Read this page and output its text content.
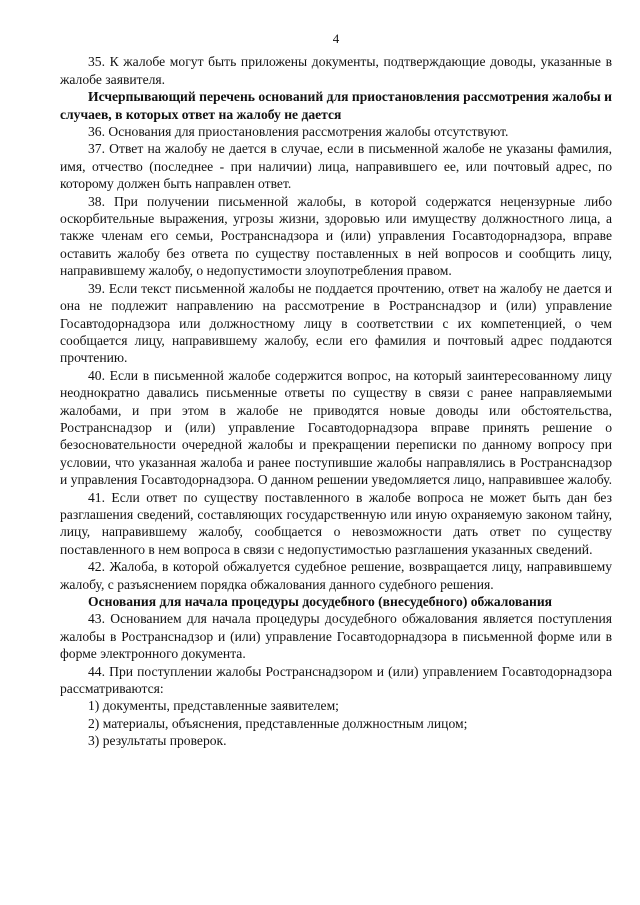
4

35. К жалобе могут быть приложены документы, подтверждающие доводы, указанные в жалобе заявителя.

Исчерпывающий перечень оснований для приостановления рассмотрения жалобы и случаев, в которых ответ на жалобу не дается

36. Основания для приостановления рассмотрения жалобы отсутствуют.

37. Ответ на жалобу не дается в случае, если в письменной жалобе не указаны фамилия, имя, отчество (последнее - при наличии) лица, направившего ее, или почтовый адрес, по которому должен быть направлен ответ.

38. При получении письменной жалобы, в которой содержатся нецензурные либо оскорбительные выражения, угрозы жизни, здоровью или имуществу должностного лица, а также членам его семьи, Ространснадзора и (или) управления Госавтодорнадзора, вправе оставить жалобу без ответа по существу поставленных в ней вопросов и сообщить лицу, направившему жалобу, о недопустимости злоупотребления правом.

39. Если текст письменной жалобы не поддается прочтению, ответ на жалобу не дается и она не подлежит направлению на рассмотрение в Ространснадзор и (или) управление Госавтодорнадзора или должностному лицу в соответствии с их компетенцией, о чем сообщается лицу, направившему жалобу, если его фамилия и почтовый адрес поддаются прочтению.

40. Если в письменной жалобе содержится вопрос, на который заинтересованному лицу неоднократно давались письменные ответы по существу в связи с ранее направляемыми жалобами, и при этом в жалобе не приводятся новые доводы или обстоятельства, Ространснадзор и (или) управление Госавтодорнадзора вправе принять решение о безосновательности очередной жалобы и прекращении переписки по данному вопросу при условии, что указанная жалоба и ранее поступившие жалобы направлялись в Ространснадзор и управления Госавтодорнадзора. О данном решении уведомляется лицо, направившее жалобу.

41. Если ответ по существу поставленного в жалобе вопроса не может быть дан без разглашения сведений, составляющих государственную или иную охраняемую законом тайну, лицу, направившему жалобу, сообщается о невозможности дать ответ по существу поставленного в нем вопроса в связи с недопустимостью разглашения указанных сведений.

42. Жалоба, в которой обжалуется судебное решение, возвращается лицу, направившему жалобу, с разъяснением порядка обжалования данного судебного решения.

Основания для начала процедуры досудебного (внесудебного) обжалования

43. Основанием для начала процедуры досудебного обжалования является поступления жалобы в Ространснадзор и (или) управление Госавтодорнадзора в письменной форме или в форме электронного документа.

44. При поступлении жалобы Ространснадзором и (или) управлением Госавтодорнадзора рассматриваются:

1) документы, представленные заявителем;

2) материалы, объяснения, представленные должностным лицом;

3) результаты проверок.
